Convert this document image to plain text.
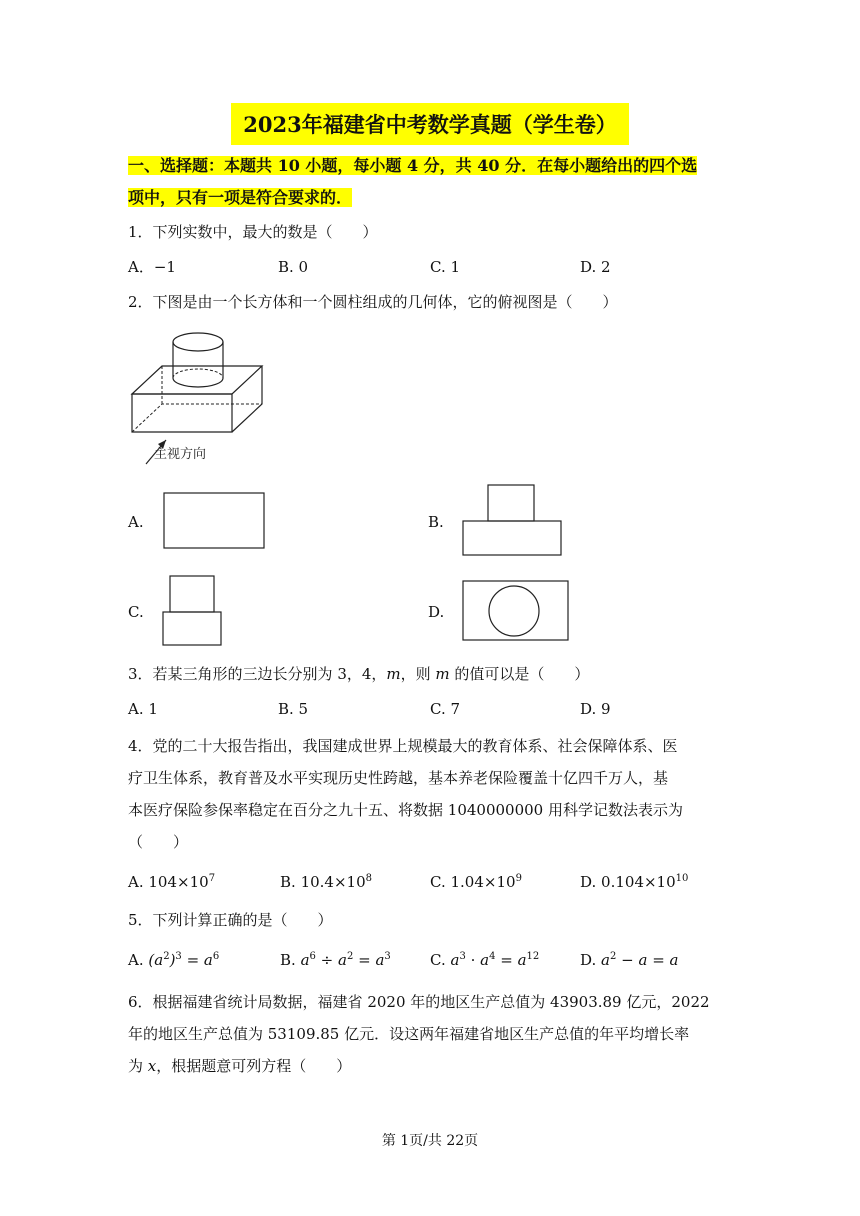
2023年福建省中考数学真题（学生卷）
一、选择题：本题共 10 小题，每小题 4 分，共 40 分．在每小题给出的四个选
项中，只有一项是符合要求的．
1．下列实数中，最大的数是（　　）
A．−1	B. 0	C. 1	D. 2
2．下图是由一个长方体和一个圆柱组成的几何体，它的俯视图是（　　）
主视方向
A.	B.
C.	D.
3．若某三角形的三边长分别为 3，4，m，则 m 的值可以是（　　）
A. 1	B. 5	C. 7	D. 9
4．党的二十大报告指出，我国建成世界上规模最大的教育体系、社会保障体系、医
疗卫生体系，教育普及水平实现历史性跨越，基本养老保险覆盖十亿四千万人，基
本医疗保险参保率稳定在百分之九十五、将数据 1040000000 用科学记数法表示为
（　　）
A. $104\times 10^7$	B. $10.4\times 10^8$	C. $1.04\times 10^9$	D. $0.104\times 10^{10}$
5．下列计算正确的是（　　）
A. $(a^2)^3 = a^6$	B. $a^6 \div a^2 = a^3$	C. $a^3 \cdot a^4 = a^{12}$	D. $a^2 - a = a$
6．根据福建省统计局数据，福建省 2020 年的地区生产总值为 43903.89 亿元，2022
年的地区生产总值为 53109.85 亿元．设这两年福建省地区生产总值的年平均增长率
为 x，根据题意可列方程（　　）
第 1页/共 22页
